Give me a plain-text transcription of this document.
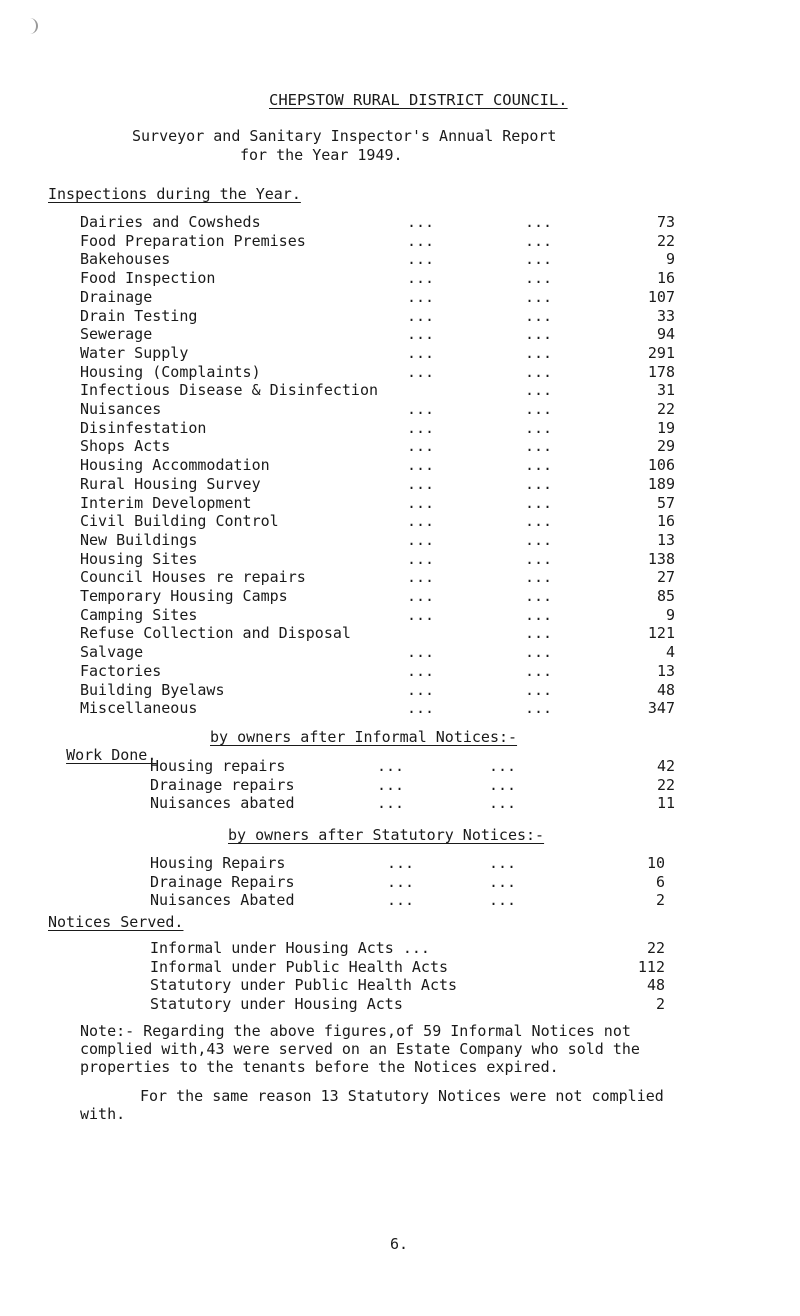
CHEPSTOW RURAL DISTRICT COUNCIL.
Surveyor and Sanitary Inspector's Annual Report
for the Year 1949.
Inspections during the Year.
Dairies and Cowsheds	...	...	73
Food Preparation Premises	...	...	22
Bakehouses	...	...	9
Food Inspection	...	...	16
Drainage	...	...	107
Drain Testing	...	...	33
Sewerage	...	...	94
Water Supply	...	...	291
Housing (Complaints)	...	...	178
Infectious Disease & Disinfection	...	31
Nuisances	...	...	22
Disinfestation	...	...	19
Shops Acts	...	...	29
Housing Accommodation	...	...	106
Rural Housing Survey	...	...	189
Interim Development	...	...	57
Civil Building Control	...	...	16
New Buildings	...	...	13
Housing Sites	...	...	138
Council Houses re repairs	...	...	27
Temporary Housing Camps	...	...	85
Camping Sites	...	...	9
Refuse Collection and Disposal	...	121
Salvage	...	...	4
Factories	...	...	13
Building Byelaws	...	...	48
Miscellaneous	...	...	347

Work Done.

by owners after Informal Notices:-
Housing repairs	...	...	42
Drainage repairs	...	...	22
Nuisances abated	...	...	11
by owners after Statutory Notices:-
Housing Repairs	...	...	10
Drainage Repairs	...	...	6
Nuisances Abated	...	...	2
Notices Served.
Informal under Housing Acts ...	22
Informal under Public Health Acts	112
Statutory under Public Health Acts	48
Statutory under Housing Acts	2
Note:- Regarding the above figures,of 59 Informal Notices not
complied with,43 were served on an Estate Company who sold the
properties to the tenants before the Notices expired.
For the same reason 13 Statutory Notices were not complied
with.
6.
